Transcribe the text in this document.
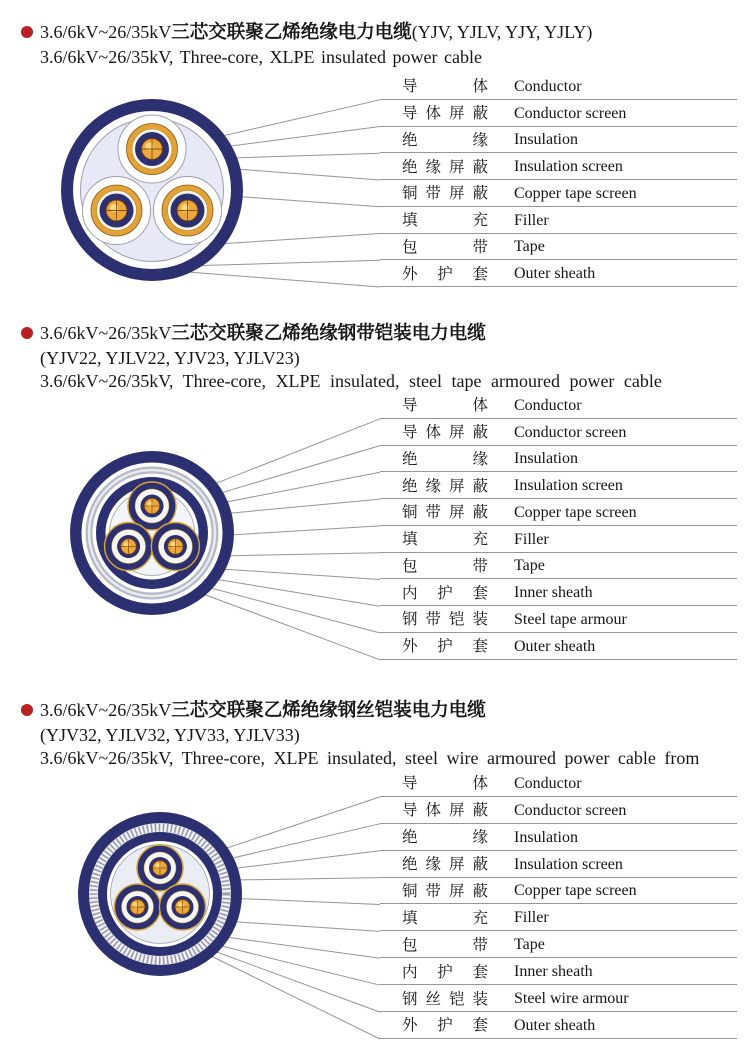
3.6/6kV~26/35kV三芯交联聚乙烯绝缘电力电缆(YJV, YJLV, YJY, YJLY)
3.6/6kV~26/35kV, Three-core, XLPE insulated power cable
导体 Conductor
导体屏蔽 Conductor screen
绝缘 Insulation
绝缘屏蔽 Insulation screen
铜带屏蔽 Copper tape screen
填充 Filler
包带 Tape
外护套 Outer sheath
3.6/6kV~26/35kV三芯交联聚乙烯绝缘钢带铠装电力电缆
(YJV22, YJLV22, YJV23, YJLV23)
3.6/6kV~26/35kV, Three-core, XLPE insulated, steel tape armoured power cable
导体 Conductor
导体屏蔽 Conductor screen
绝缘 Insulation
绝缘屏蔽 Insulation screen
铜带屏蔽 Copper tape screen
填充 Filler
包带 Tape
内护套 Inner sheath
钢带铠装 Steel tape armour
外护套 Outer sheath
3.6/6kV~26/35kV三芯交联聚乙烯绝缘钢丝铠装电力电缆
(YJV32, YJLV32, YJV33, YJLV33)
3.6/6kV~26/35kV, Three-core, XLPE insulated, steel wire armoured power cable from
导体 Conductor
导体屏蔽 Conductor screen
绝缘 Insulation
绝缘屏蔽 Insulation screen
铜带屏蔽 Copper tape screen
填充 Filler
包带 Tape
内护套 Inner sheath
钢丝铠装 Steel wire armour
外护套 Outer sheath
